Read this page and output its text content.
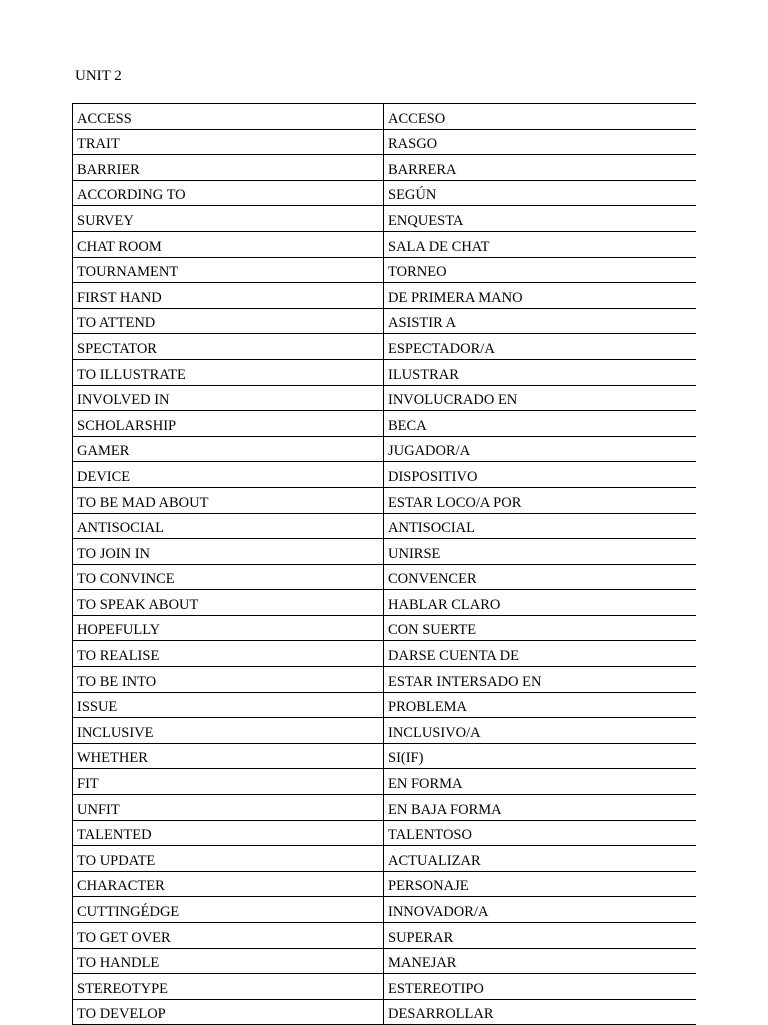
UNIT 2
ACCESS	ACCESO
TRAIT	RASGO
BARRIER	BARRERA
ACCORDING TO	SEGÚN
SURVEY	ENQUESTA
CHAT ROOM	SALA DE CHAT
TOURNAMENT	TORNEO
FIRST HAND	DE PRIMERA MANO
TO ATTEND	ASISTIR A
SPECTATOR	ESPECTADOR/A
TO ILLUSTRATE	ILUSTRAR
INVOLVED IN	INVOLUCRADO EN
SCHOLARSHIP	BECA
GAMER	JUGADOR/A
DEVICE	DISPOSITIVO
TO BE MAD ABOUT	ESTAR LOCO/A POR
ANTISOCIAL	ANTISOCIAL
TO JOIN IN	UNIRSE
TO CONVINCE	CONVENCER
TO SPEAK ABOUT	HABLAR CLARO
HOPEFULLY	CON SUERTE
TO REALISE	DARSE CUENTA DE
TO BE INTO	ESTAR INTERSADO EN
ISSUE	PROBLEMA
INCLUSIVE	INCLUSIVO/A
WHETHER	SI(IF)
FIT	EN FORMA
UNFIT	EN BAJA FORMA
TALENTED	TALENTOSO
TO UPDATE	ACTUALIZAR
CHARACTER	PERSONAJE
CUTTINGÉDGE	INNOVADOR/A
TO GET OVER	SUPERAR
TO HANDLE	MANEJAR
STEREOTYPE	ESTEREOTIPO
TO DEVELOP	DESARROLLAR
